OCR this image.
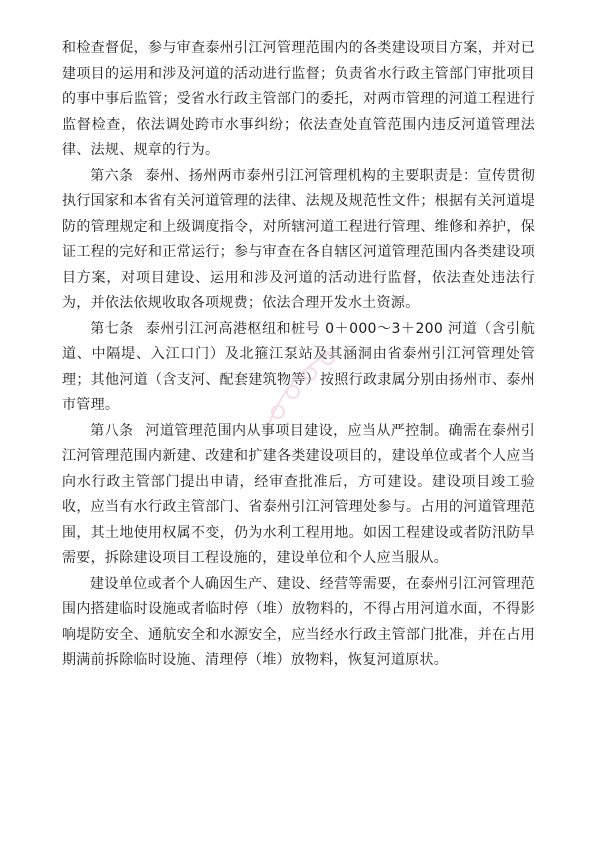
和检查督促，参与审查泰州引江河管理范围内的各类建设项目方案，并对已建项目的运用和涉及河道的活动进行监督；负责省水行政主管部门审批项目的事中事后监管；受省水行政主管部门的委托，对两市管理的河道工程进行监督检查，依法调处跨市水事纠纷；依法查处直管范围内违反河道管理法律、法规、规章的行为。

第六条 泰州、扬州两市泰州引江河管理机构的主要职责是：宣传贯彻执行国家和本省有关河道管理的法律、法规及规范性文件；根据有关河道堤防的管理规定和上级调度指令，对所辖河道工程进行管理、维修和养护，保证工程的完好和正常运行；参与审查在各自辖区河道管理范围内各类建设项目方案，对项目建设、运用和涉及河道的活动进行监督，依法查处违法行为，并依法依规收取各项规费；依法合理开发水土资源。

第七条 泰州引江河高港枢纽和桩号 0＋000～3＋200 河道（含引航道、中隔堤、入江口门）及北箍江泵站及其涵洞由省泰州引江河管理处管理；其他河道（含支河、配套建筑物等）按照行政隶属分别由扬州市、泰州市管理。

第八条 河道管理范围内从事项目建设，应当从严控制。确需在泰州引江河管理范围内新建、改建和扩建各类建设项目的，建设单位或者个人应当向水行政主管部门提出申请，经审查批准后，方可建设。建设项目竣工验收，应当有水行政主管部门、省泰州引江河管理处参与。占用的河道管理范围，其土地使用权属不变，仍为水利工程用地。如因工程建设或者防汛防旱需要，拆除建设项目工程设施的，建设单位和个人应当服从。

建设单位或者个人确因生产、建设、经营等需要，在泰州引江河管理范围内搭建临时设施或者临时停（堆）放物料的，不得占用河道水面，不得影响堤防安全、通航安全和水源安全，应当经水行政主管部门批准，并在占用期满前拆除临时设施、清理停（堆）放物料，恢复河道原状。
